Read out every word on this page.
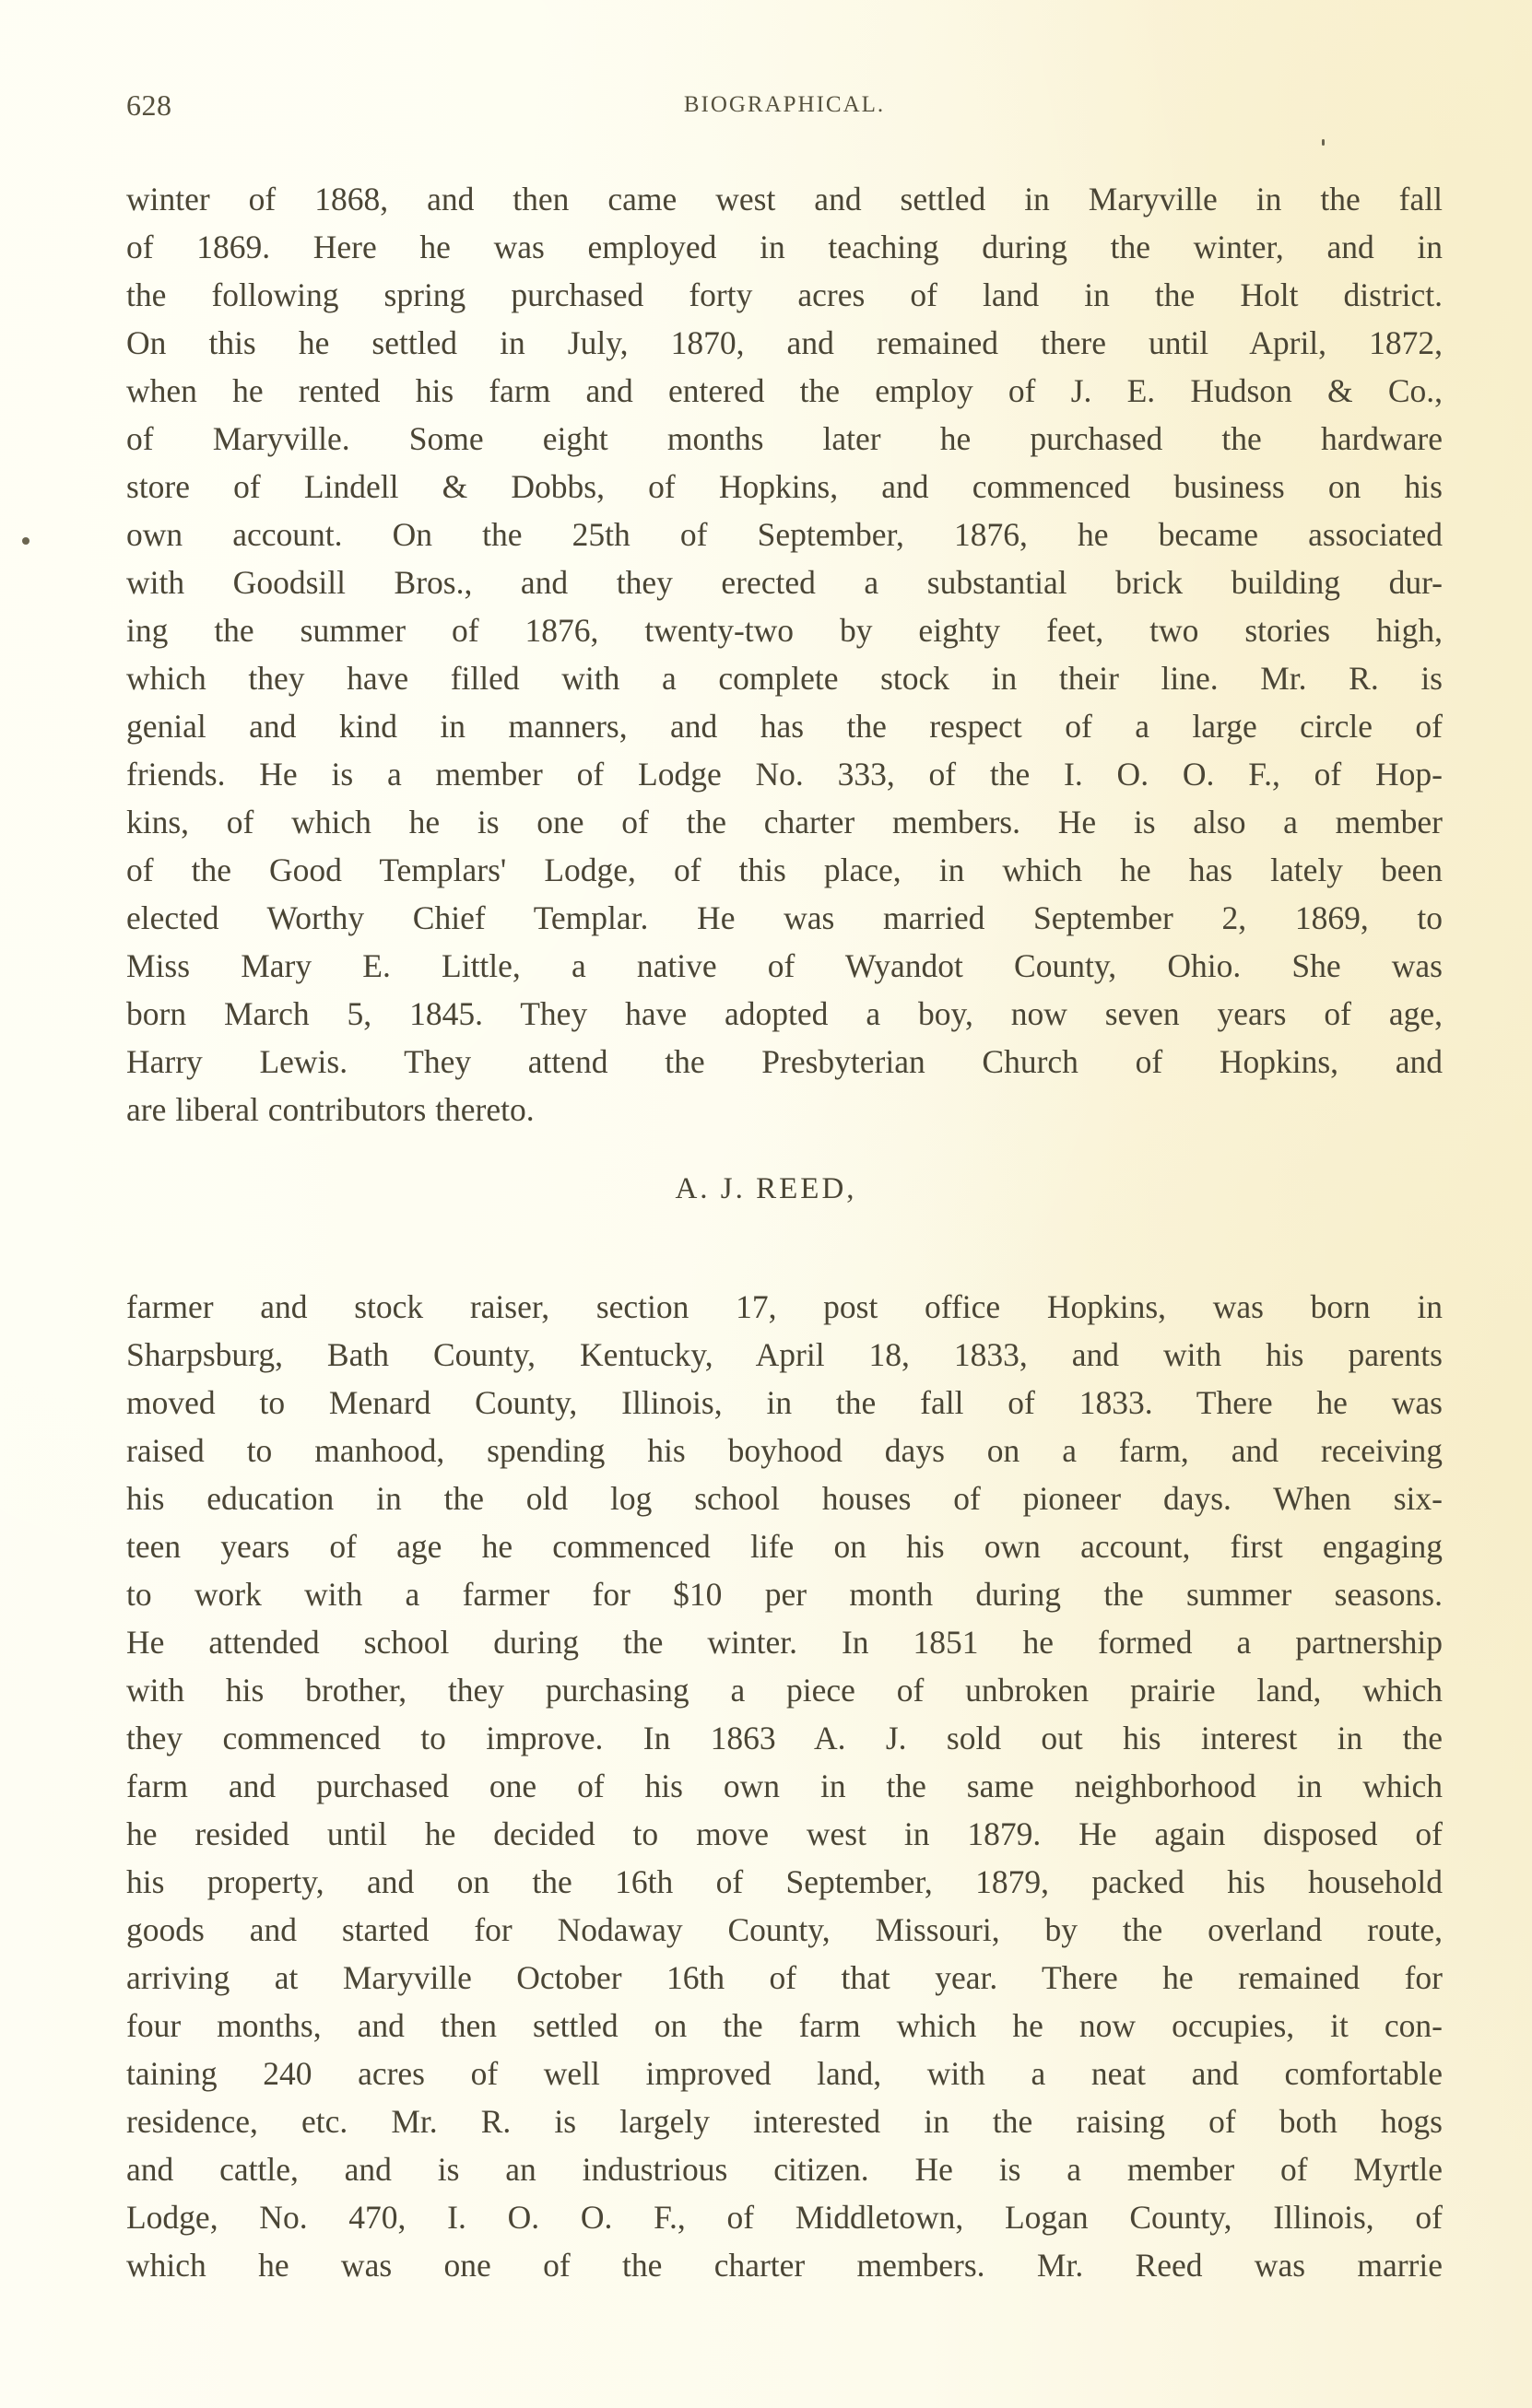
628	BIOGRAPHICAL.
winter of 1868, and then came west and settled in Maryville in the fall
of 1869. Here he was employed in teaching during the winter, and in
the following spring purchased forty acres of land in the Holt district.
On this he settled in July, 1870, and remained there until April, 1872,
when he rented his farm and entered the employ of J. E. Hudson & Co.,
of Maryville. Some eight months later he purchased the hardware
store of Lindell & Dobbs, of Hopkins, and commenced business on his
own account. On the 25th of September, 1876, he became associated
with Goodsill Bros., and they erected a substantial brick building dur-
ing the summer of 1876, twenty-two by eighty feet, two stories high,
which they have filled with a complete stock in their line. Mr. R. is
genial and kind in manners, and has the respect of a large circle of
friends. He is a member of Lodge No. 333, of the I. O. O. F., of Hop-
kins, of which he is one of the charter members. He is also a member
of the Good Templars' Lodge, of this place, in which he has lately been
elected Worthy Chief Templar. He was married September 2, 1869, to
Miss Mary E. Little, a native of Wyandot County, Ohio. She was
born March 5, 1845. They have adopted a boy, now seven years of age,
Harry Lewis. They attend the Presbyterian Church of Hopkins, and
are liberal contributors thereto.
A. J. REED,
farmer and stock raiser, section 17, post office Hopkins, was born in
Sharpsburg, Bath County, Kentucky, April 18, 1833, and with his parents
moved to Menard County, Illinois, in the fall of 1833. There he was
raised to manhood, spending his boyhood days on a farm, and receiving
his education in the old log school houses of pioneer days. When six-
teen years of age he commenced life on his own account, first engaging
to work with a farmer for $10 per month during the summer seasons.
He attended school during the winter. In 1851 he formed a partnership
with his brother, they purchasing a piece of unbroken prairie land, which
they commenced to improve. In 1863 A. J. sold out his interest in the
farm and purchased one of his own in the same neighborhood in which
he resided until he decided to move west in 1879. He again disposed of
his property, and on the 16th of September, 1879, packed his household
goods and started for Nodaway County, Missouri, by the overland route,
arriving at Maryville October 16th of that year. There he remained for
four months, and then settled on the farm which he now occupies, it con-
taining 240 acres of well improved land, with a neat and comfortable
residence, etc. Mr. R. is largely interested in the raising of both hogs
and cattle, and is an industrious citizen. He is a member of Myrtle
Lodge, No. 470, I. O. O. F., of Middletown, Logan County, Illinois, of
which he was one of the charter members. Mr. Reed was marrie
